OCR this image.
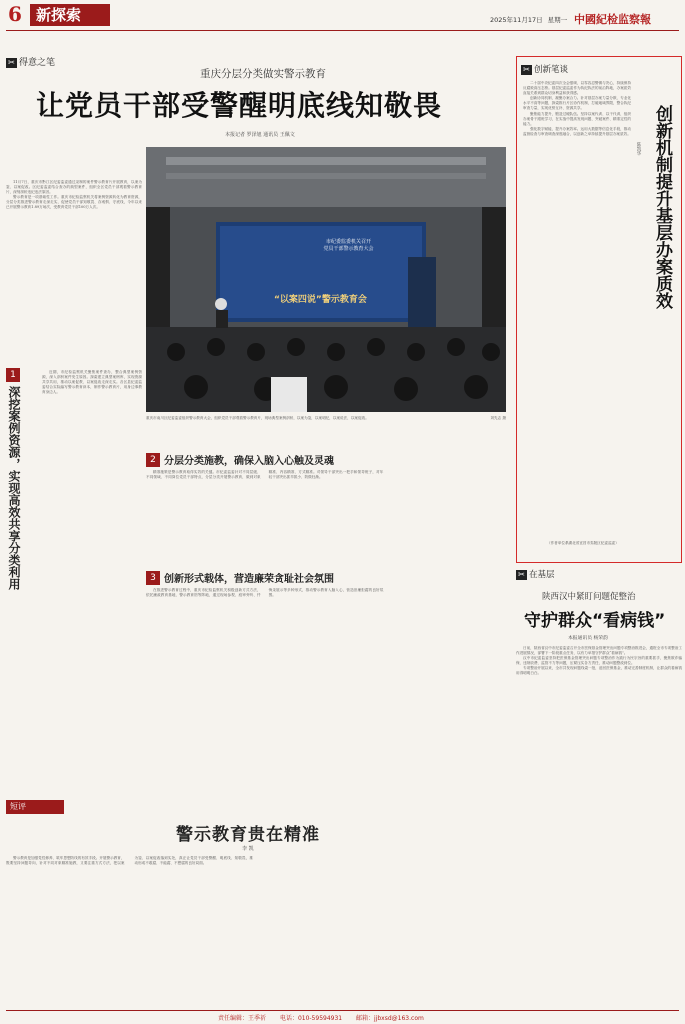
6 新探索	2025年11月17日 星期一 中國紀检监察報
✂ 得意之笔
重庆分层分类做实警示教育
让党员干部受警醒明底线知敬畏
本报记者 罗泽旭 通讯员 王佩文

11月7日，重庆市黔江区纪委监委通过录制的案件警示教育片开展教育，以案为鉴、以案促改。区纪委监委结合查办的典型案件，组织全区党员干部观看警示教育片，深刻剖析违纪违法原因。

警示教育是一项基础性工作。重庆市纪检监察机关将案例资源转化为教育资源，分层分类推进警示教育走深走实，促使党员干部知敬畏、存戒惧、守底线，今年以来已开展警示教育1.89万场次，受教育党员干部100万人次。

市纪委监委机关召开
党员干部警示教育大会
“以案四说”警示教育会
重庆市南川区纪委监委组织警示教育大会，组织党员干部观看警示教育片，现场典型案例剖析，以案为鉴，以案明纪，以案说法，以案促改。	刘先志 摄
1
深挖案例资源，实现高效共享分类利用

近期，市纪检监察机关聚焦案件查办，整合典型案例资源，深入剖析案件发生原因。探索建立典型案例库，实现资源共享共用，推动以案促教、以案促改走深走实。各区县纪委监委结合实际编写警示教育读本，制作警示教育片，用身边事教育身边人。

2 分层分类施教，确保入脑入心触及灵魂

精准施策是警示教育取得实效的关键。市纪委监委针对不同层级、不同领域、不同岗位党员干部特点，分层分类开展警示教育，做到对象精准、内容精准、方式精准。对领导干部突出一把手和领导班子，对年轻干部突出抓早抓小、防微杜渐。

3 创新形式载体，营造廉荣贪耻社会氛围

在推进警示教育过程中，重庆市纪检监察机关积极创新方式方法，依托廉政教育基地、警示教育馆等阵地，通过现场参观、庭审旁听、忏悔录展示等多种形式，推动警示教育入脑入心，营造崇廉拒腐的良好氛围。

短评
警示教育贵在精准
李 凯

警示教育是加强党性修养、筑牢思想防线的有效手段。开展警示教育，既要坚持问题导向，针对不同对象精准施教，又要注重方式方法，把以案为鉴、以案促改落到实处，真正让党员干部受警醒、明底线、知敬畏，推动形成不敢腐、不能腐、不想腐的良好局面。

✂ 创新笔谈
创新机制提升基层办案质效
陈凯华

二十届中央纪委四次全会强调，以零容忍警惕与决心，持续保持反腐败高压态势。基层纪委监委作为执纪执法的前沿阵地，办案质效直接关系到群众切身利益和获得感。

创新协同机制，凝聚办案合力。针对基层办案力量分散、专业化水平不高等问题，探索推行片区协作机制，打破地域界限，整合执纪审查力量，实现优势互补、资源共享。

聚焦能力提升，锻造过硬队伍。坚持以案代训、以干代训，组织办案骨干跟班学习，在实战中提高发现问题、突破案件、精准定性的能力。

强化数字赋能，提升办案效率。运用大数据等信息化手段，推动监督检查与审查调查深度融合，以创新之举持续提升基层办案质效。

（作者单位系湖北省宜昌市夷陵区纪委监委）
✂ 在基层
陕西汉中紧盯问题促整治
守护群众“看病钱”
本报通讯员 杨荣韵

日前，陕西省汉中市纪委监委召开全市医保基金管理突出问题专项整治推进会，通报全市专项整治工作进展情况，部署下一阶段重点任务，以有力举措守护群众“看病钱”。

汉中市纪委监委坚持把医保基金管理突出问题专项整治作为践行为民宗旨的重要抓手，聚焦欺诈骗保、违规收费、监管不力等问题，压紧压实各方责任，推动问题整改到位。

专项整治开展以来，全市共发现问题线索一批，追回医保基金，推动完善制度机制，让群众的看病钱用得明明白白。

责任编辑：王季祈 电话：010-59594931 邮箱：jjbxsd@163.com
